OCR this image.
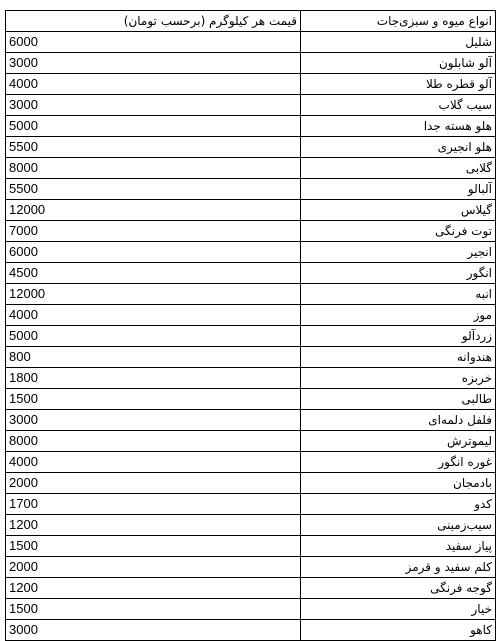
انواع میوه و سبزی‌جات	قیمت هر کیلوگرم (برحسب تومان)
شلیل	6000
آلو شابلون	3000
آلو قطره طلا	4000
سیب گلاب	3000
هلو هسته جدا	5000
هلو انجیری	5500
گلابی	8000
آلبالو	5500
گیلاس	12000
توت فرنگی	7000
انجیر	6000
انگور	4500
انبه	12000
موز	4000
زردآلو	5000
هندوانه	800
خربزه	1800
طالبی	1500
فلفل دلمه‌ای	3000
لیموترش	8000
غوره انگور	4000
بادمجان	2000
کدو	1700
سیب‌زمینی	1200
پیاز سفید	1500
کلم سفید و قرمز	2000
گوجه فرنگی	1200
خیار	1500
کاهو	3000
